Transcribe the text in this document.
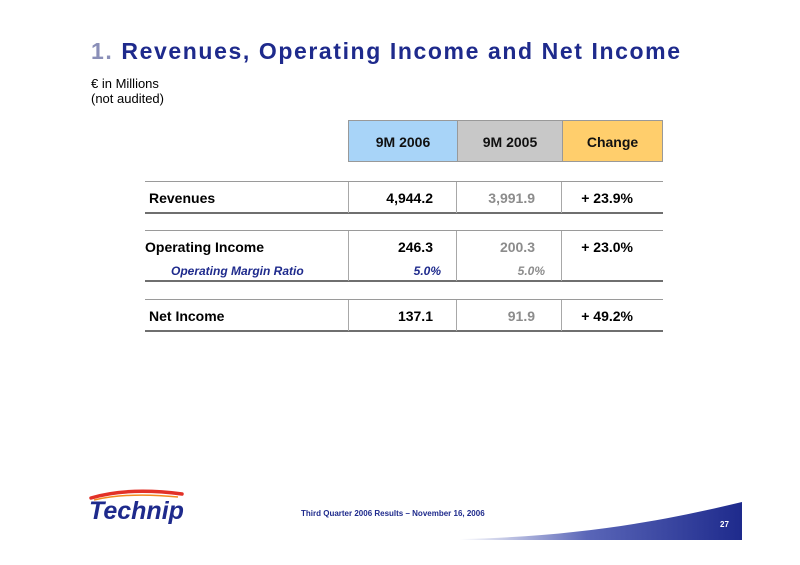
1. Revenues, Operating Income and Net Income
€ in Millions
(not audited)
9M 2006	9M 2005	Change
Revenues	4,944.2	3,991.9	+ 23.9%
Operating Income	246.3	200.3	+ 23.0%
Operating Margin Ratio	5.0%	5.0%
Net Income	137.1	91.9	+ 49.2%
Technip	Third Quarter 2006 Results – November 16, 2006
27
